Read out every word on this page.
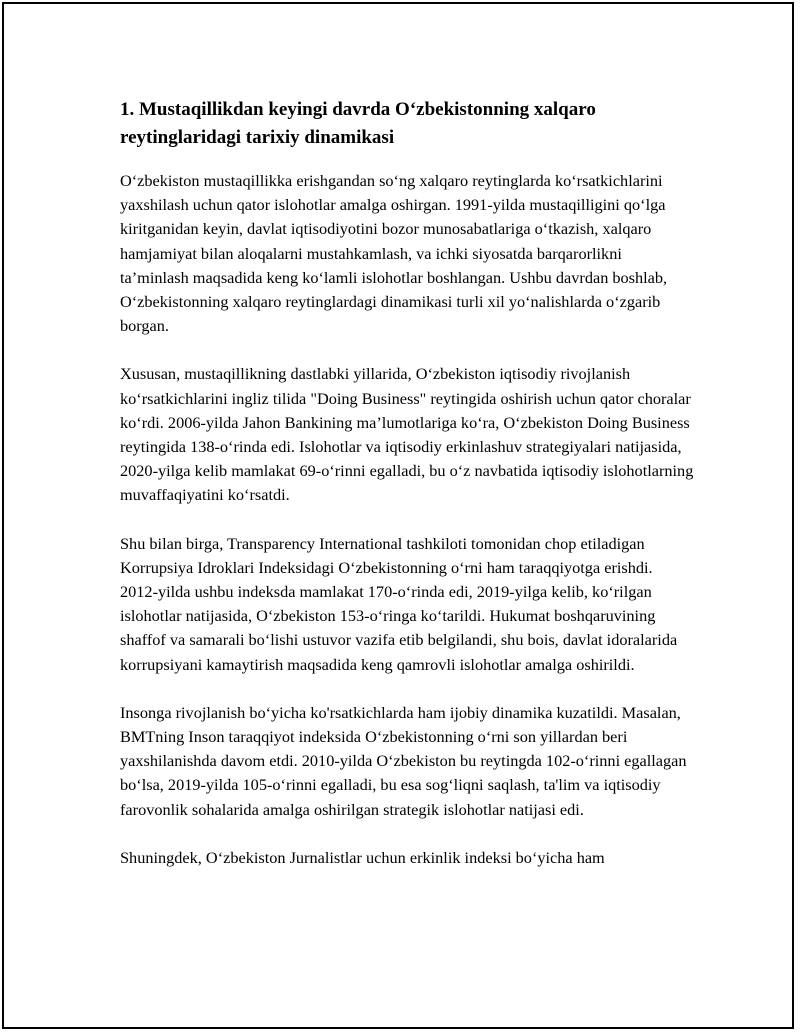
1. Mustaqillikdan keyingi davrda O‘zbekistonning xalqaro reytinglaridagi tarixiy dinamikasi

O‘zbekiston mustaqillikka erishgandan so‘ng xalqaro reytinglarda ko‘rsatkichlarini yaxshilash uchun qator islohotlar amalga oshirgan. 1991-yilda mustaqilligini qo‘lga kiritganidan keyin, davlat iqtisodiyotini bozor munosabatlariga o‘tkazish, xalqaro hamjamiyat bilan aloqalarni mustahkamlash, va ichki siyosatda barqarorlikni ta’minlash maqsadida keng ko‘lamli islohotlar boshlangan. Ushbu davrdan boshlab, O‘zbekistonning xalqaro reytinglardagi dinamikasi turli xil yo‘nalishlarda o‘zgarib borgan.

Xususan, mustaqillikning dastlabki yillarida, O‘zbekiston iqtisodiy rivojlanish ko‘rsatkichlarini ingliz tilida "Doing Business" reytingida oshirish uchun qator choralar ko‘rdi. 2006-yilda Jahon Bankining ma’lumotlariga ko‘ra, O‘zbekiston Doing Business reytingida 138-o‘rinda edi. Islohotlar va iqtisodiy erkinlashuv strategiyalari natijasida, 2020-yilga kelib mamlakat 69-o‘rinni egalladi, bu o‘z navbatida iqtisodiy islohotlarning muvaffaqiyatini ko‘rsatdi.

Shu bilan birga, Transparency International tashkiloti tomonidan chop etiladigan Korrupsiya Idroklari Indeksidagi O‘zbekistonning o‘rni ham taraqqiyotga erishdi. 2012-yilda ushbu indeksda mamlakat 170-o‘rinda edi, 2019-yilga kelib, ko‘rilgan islohotlar natijasida, O‘zbekiston 153-o‘ringa ko‘tarildi. Hukumat boshqaruvining shaffof va samarali bo‘lishi ustuvor vazifa etib belgilandi, shu bois, davlat idoralarida korrupsiyani kamaytirish maqsadida keng qamrovli islohotlar amalga oshirildi.

Insonga rivojlanish bo‘yicha ko'rsatkichlarda ham ijobiy dinamika kuzatildi. Masalan, BMTning Inson taraqqiyot indeksida O‘zbekistonning o‘rni son yillardan beri yaxshilanishda davom etdi. 2010-yilda O‘zbekiston bu reytingda 102-o‘rinni egallagan bo‘lsa, 2019-yilda 105-o‘rinni egalladi, bu esa sog‘liqni saqlash, ta'lim va iqtisodiy farovonlik sohalarida amalga oshirilgan strategik islohotlar natijasi edi.

Shuningdek, O‘zbekiston Jurnalistlar uchun erkinlik indeksi bo‘yicha ham
